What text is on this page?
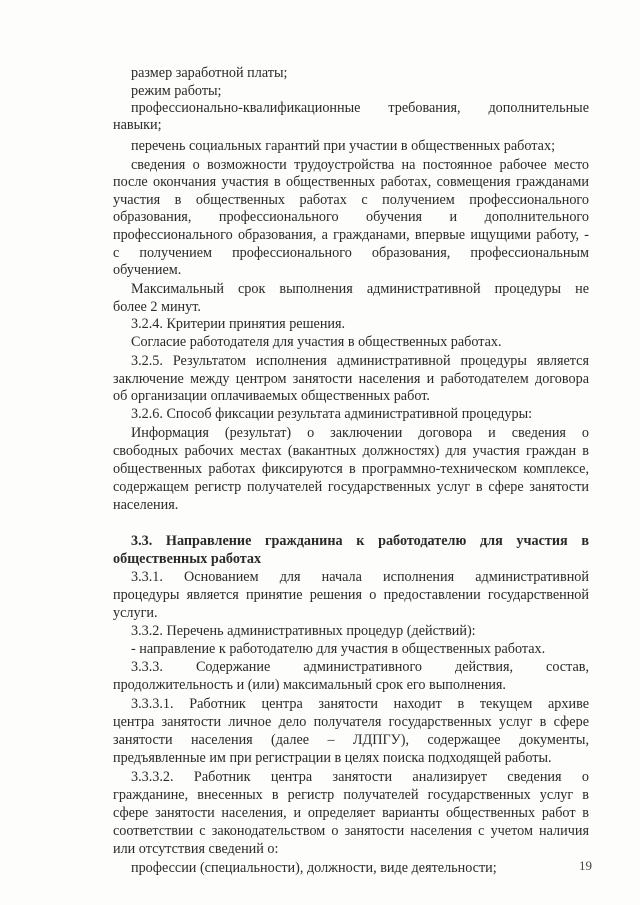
размер заработной платы;
режим работы;
профессионально-квалификационные требования, дополнительные
навыки;
перечень социальных гарантий при участии в общественных работах;
сведения о возможности трудоустройства на постоянное рабочее место
после окончания участия в общественных работах, совмещения гражданами
участия в общественных работах с получением профессионального
образования, профессионального обучения и дополнительного
профессионального образования, а гражданами, впервые ищущими работу, -
с получением профессионального образования, профессиональным
обучением.
Максимальный срок выполнения административной процедуры не
более 2 минут.
3.2.4. Критерии принятия решения.
Согласие работодателя для участия в общественных работах.
3.2.5. Результатом исполнения административной процедуры является
заключение между центром занятости населения и работодателем договора
об организации оплачиваемых общественных работ.
3.2.6. Способ фиксации результата административной процедуры:
Информация (результат) о заключении договора и сведения о
свободных рабочих местах (вакантных должностях) для участия граждан в
общественных работах фиксируются в программно-техническом комплексе,
содержащем регистр получателей государственных услуг в сфере занятости
населения.
3.3. Направление гражданина к работодателю для участия в
общественных работах
3.3.1. Основанием для начала исполнения административной
процедуры является принятие решения о предоставлении государственной
услуги.
3.3.2. Перечень административных процедур (действий):
- направление к работодателю для участия в общественных работах.
3.3.3. Содержание административного действия, состав,
продолжительность и (или) максимальный срок его выполнения.
3.3.3.1. Работник центра занятости находит в текущем архиве
центра занятости личное дело получателя государственных услуг в сфере
занятости населения (далее – ЛДПГУ), содержащее документы,
предъявленные им при регистрации в целях поиска подходящей работы.
3.3.3.2. Работник центра занятости анализирует сведения о
гражданине, внесенных в регистр получателей государственных услуг в
сфере занятости населения, и определяет варианты общественных работ в
соответствии с законодательством о занятости населения с учетом наличия
или отсутствия сведений о:
профессии (специальности), должности, виде деятельности;	19
